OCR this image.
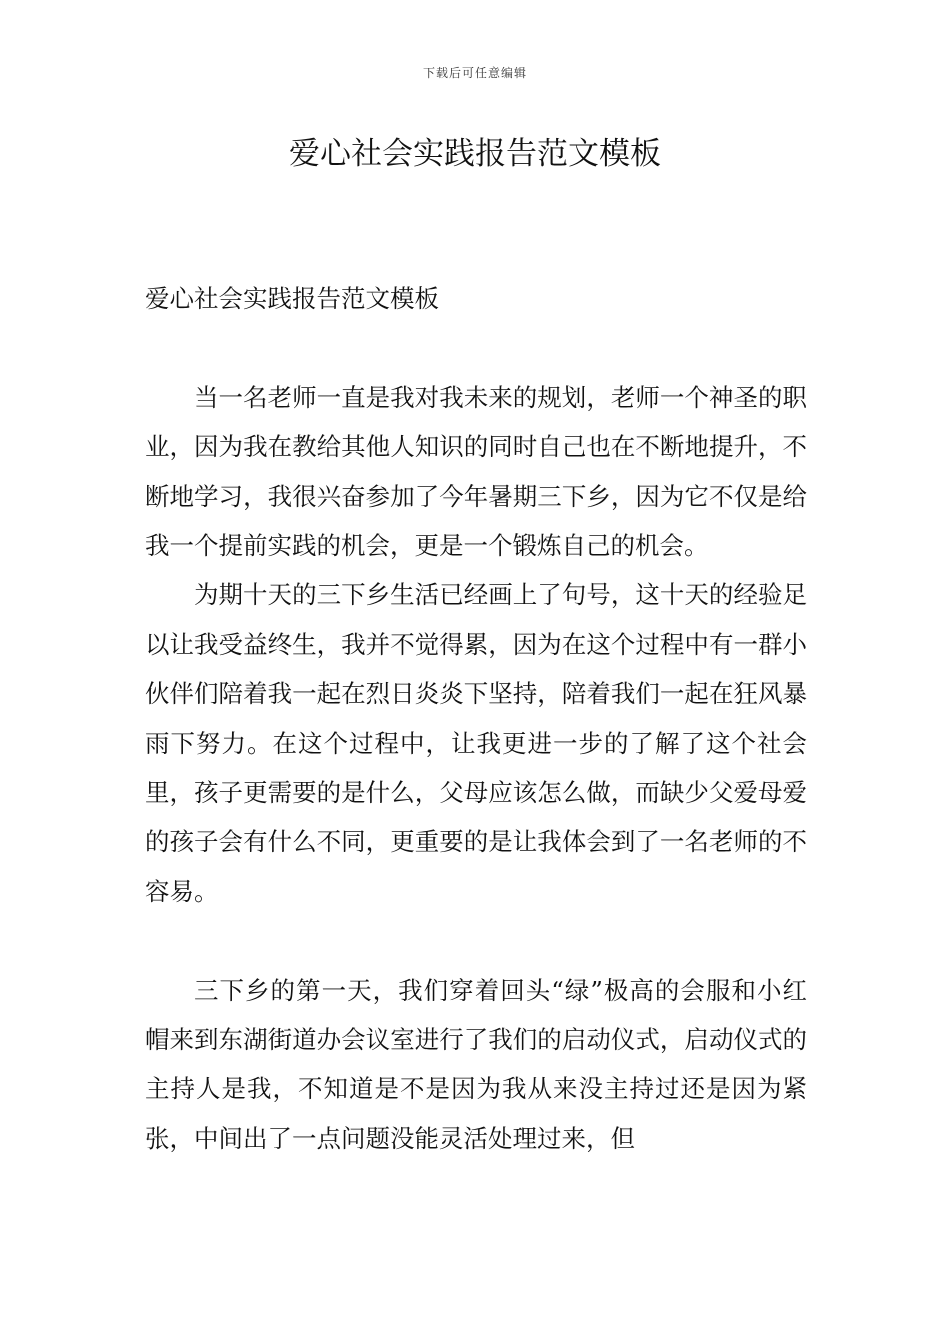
下载后可任意编辑
爱心社会实践报告范文模板

爱心社会实践报告范文模板

当一名老师一直是我对我未来的规划，老师一个神圣的职业，因为我在教给其他人知识的同时自己也在不断地提升，不断地学习，我很兴奋参加了今年暑期三下乡，因为它不仅是给我一个提前实践的机会，更是一个锻炼自己的机会。

为期十天的三下乡生活已经画上了句号，这十天的经验足以让我受益终生，我并不觉得累，因为在这个过程中有一群小伙伴们陪着我一起在烈日炎炎下坚持，陪着我们一起在狂风暴雨下努力。在这个过程中，让我更进一步的了解了这个社会里，孩子更需要的是什么，父母应该怎么做，而缺少父爱母爱的孩子会有什么不同，更重要的是让我体会到了一名老师的不容易。

三下乡的第一天，我们穿着回头“绿”极高的会服和小红帽来到东湖街道办会议室进行了我们的启动仪式，启动仪式的主持人是我，不知道是不是因为我从来没主持过还是因为紧张，中间出了一点问题没能灵活处理过来，但
